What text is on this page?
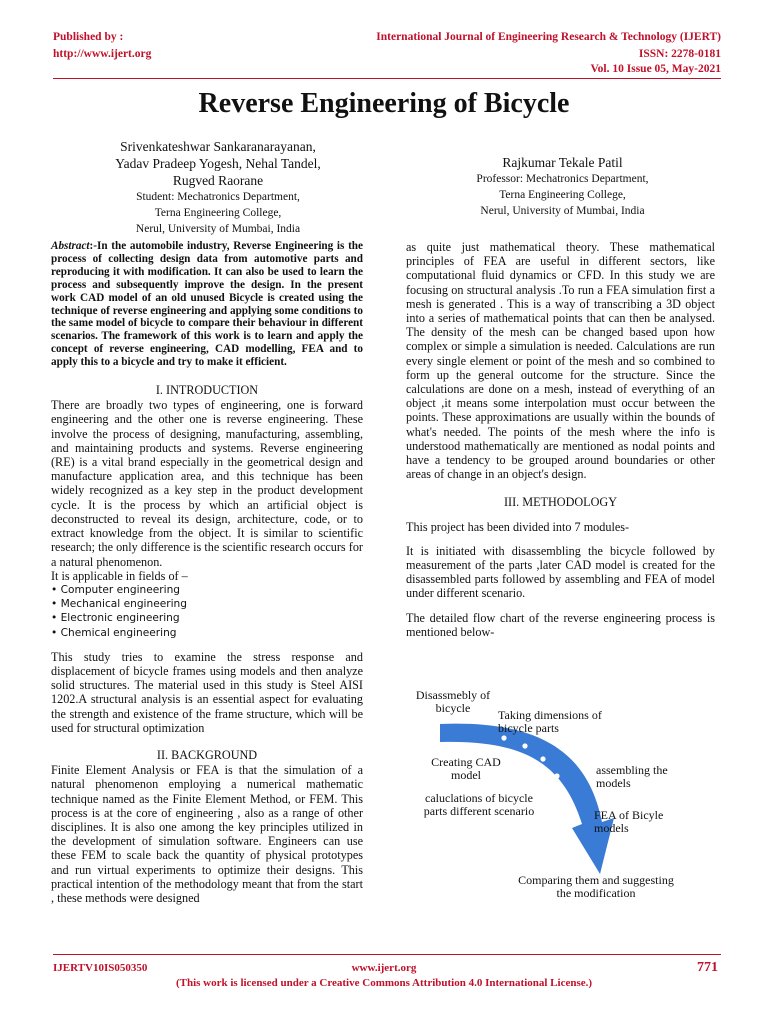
Published by :
http://www.ijert.org
International Journal of Engineering Research & Technology (IJERT)
ISSN: 2278-0181
Vol. 10 Issue 05, May-2021
Reverse Engineering of Bicycle
Srivenkateshwar Sankaranarayanan,
Yadav Pradeep Yogesh, Nehal Tandel,
Rugved Raorane
Student: Mechatronics Department,
Terna Engineering College,
Nerul, University of Mumbai, India
Rajkumar Tekale Patil
Professor: Mechatronics Department,
Terna Engineering College,
Nerul, University of Mumbai, India

Abstract:-In the automobile industry, Reverse Engineering is the process of collecting design data from automotive parts and reproducing it with modification. It can also be used to learn the process and subsequently improve the design. In the present work CAD model of an old unused Bicycle is created using the technique of reverse engineering and applying some conditions to the same model of bicycle to compare their behaviour in different scenarios. The framework of this work is to learn and apply the concept of reverse engineering, CAD modelling, FEA and to apply this to a bicycle and try to make it efficient.

I. INTRODUCTION

There are broadly two types of engineering, one is forward engineering and the other one is reverse engineering. These involve the process of designing, manufacturing, assembling, and maintaining products and systems. Reverse engineering (RE) is a vital brand especially in the geometrical design and manufacture application area, and this technique has been widely recognized as a key step in the product development cycle. It is the process by which an artificial object is deconstructed to reveal its design, architecture, code, or to extract knowledge from the object. It is similar to scientific research; the only difference is the scientific research occurs for a natural phenomenon.

It is applicable in fields of –

• Computer engineering
• Mechanical engineering
• Electronic engineering
• Chemical engineering

This study tries to examine the stress response and displacement of bicycle frames using models and then analyze solid structures. The material used in this study is Steel AISI 1202.A structural analysis is an essential aspect for evaluating the strength and existence of the frame structure, which will be used for structural optimization

II. BACKGROUND

Finite Element Analysis or FEA is that the simulation of a natural phenomenon employing a numerical mathematic technique named as the Finite Element Method, or FEM. This process is at the core of engineering , also as a range of other disciplines. It is also one among the key principles utilized in the development of simulation software. Engineers can use these FEM to scale back the quantity of physical prototypes and run virtual experiments to optimize their designs. This practical intention of the methodology meant that from the start , these methods were designed

as quite just mathematical theory. These mathematical principles of FEA are useful in different sectors, like computational fluid dynamics or CFD. In this study we are focusing on structural analysis .To run a FEA simulation first a mesh is generated . This is a way of transcribing a 3D object into a series of mathematical points that can then be analysed. The density of the mesh can be changed based upon how complex or simple a simulation is needed. Calculations are run every single element or point of the mesh and so combined to form up the general outcome for the structure. Since the calculations are done on a mesh, instead of everything of an object ,it means some interpolation must occur between the points. These approximations are usually within the bounds of what's needed. The points of the mesh where the info is understood mathematically are mentioned as nodal points and have a tendency to be grouped around boundaries or other areas of change in an object's design.

III. METHODOLOGY

This project has been divided into 7 modules-

It is initiated with disassembling the bicycle followed by measurement of the parts ,later CAD model is created for the disassembled parts followed by assembling and FEA of model under different scenario.

The detailed flow chart of the reverse engineering process is mentioned below-

Disassmebly of bicycle	Taking dimensions of bicycle parts
Creating CAD model	assembling the models
caluclations of bicycle parts different scenario	FEA of Bicyle models
Comparing them and suggesting the modification
IJERTV10IS050350	www.ijert.org	771
(This work is licensed under a Creative Commons Attribution 4.0 International License.)
